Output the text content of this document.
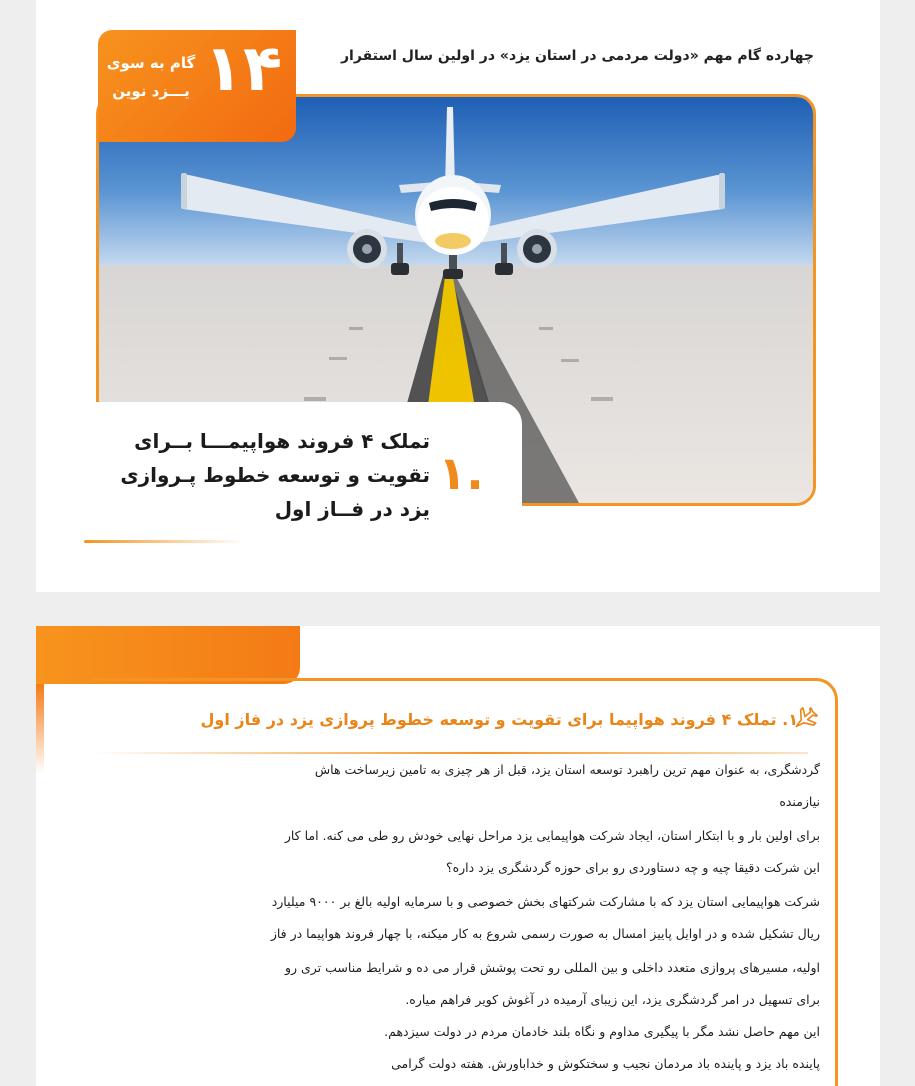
۱۴
گام به سوی
یـــزد نوین
چهارده گام مهم «دولت مردمی در استان یزد» در اولین سال استقرار
۱.
تملک ۴ فروند هواپیمـــا بــرای
تقویت و توسعه خطوط پـروازی
یزد در فــاز اول
۱. تملک ۴ فروند هواپیما برای تقویت و توسعه خطوط پروازی یزد در فاز اول
گردشگری، به عنوان مهم ترین راهبرد توسعه استان یزد، قبل از هر چیزی به تامین زیرساخت هاش
نیازمنده
برای اولین بار و با ابتکار استان، ایجاد شرکت هواپیمایی یزد مراحل نهایی خودش رو طی می کنه. اما کار
این شرکت دقیقا چیه و چه دستاوردی رو برای حوزه گردشگری یزد داره؟
شرکت هواپیمایی استان یزد که با مشارکت شرکتهای بخش خصوصی و با سرمایه اولیه بالغ بر ۹۰۰۰ میلیارد
ریال تشکیل شده و در اوایل پاییز امسال به صورت رسمی شروع به کار میکنه، با چهار فروند هواپیما در فاز
اولیه، مسیرهای پروازی متعدد داخلی و بین المللی رو تحت پوشش قرار می ده و شرایط مناسب تری رو
برای تسهیل در امر گردشگری یزد، این زیبای آرمیده در آغوش کویر فراهم میاره.
این مهم حاصل نشد مگر با پیگیری مداوم و نگاه بلند خادمان مردم در دولت سیزدهم.
پاینده باد یزد و پاینده باد مردمان نجیب و سختکوش و خداباورش. هفته دولت گرامی
